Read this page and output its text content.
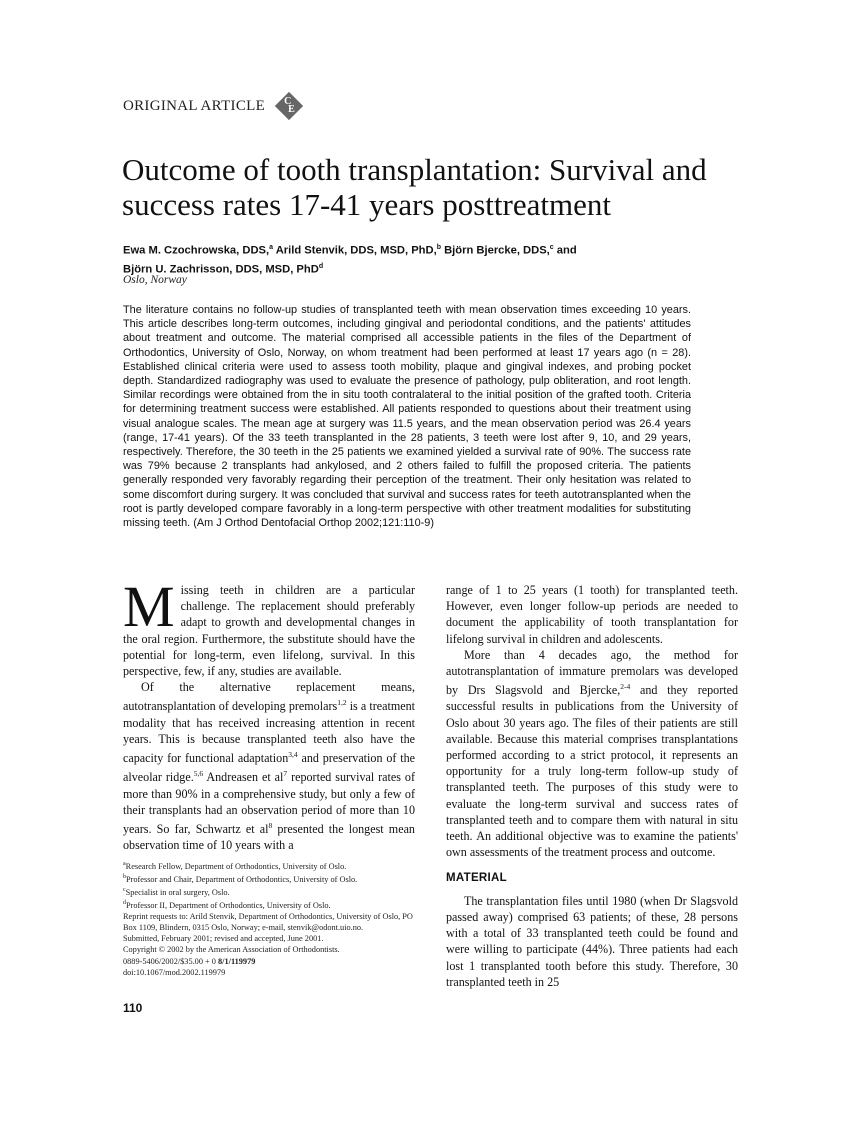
ORIGINAL ARTICLE C
E
Outcome of tooth transplantation: Survival and success rates 17-41 years posttreatment
Ewa M. Czochrowska, DDS,$^a$ Arild Stenvik, DDS, MSD, PhD,$^b$ Björn Bjercke, DDS,$^c$ and
Björn U. Zachrisson, DDS, MSD, PhD$^d$
Oslo, Norway

The literature contains no follow-up studies of transplanted teeth with mean observation times exceeding 10 years. This article describes long-term outcomes, including gingival and periodontal conditions, and the patients' attitudes about treatment and outcome. The material comprised all accessible patients in the files of the Department of Orthodontics, University of Oslo, Norway, on whom treatment had been performed at least 17 years ago (n = 28). Established clinical criteria were used to assess tooth mobility, plaque and gingival indexes, and probing pocket depth. Standardized radiography was used to evaluate the presence of pathology, pulp obliteration, and root length. Similar recordings were obtained from the in situ tooth contralateral to the initial position of the grafted tooth. Criteria for determining treatment success were established. All patients responded to questions about their treatment using visual analogue scales. The mean age at surgery was 11.5 years, and the mean observation period was 26.4 years (range, 17-41 years). Of the 33 teeth transplanted in the 28 patients, 3 teeth were lost after 9, 10, and 29 years, respectively. Therefore, the 30 teeth in the 25 patients we examined yielded a survival rate of 90%. The success rate was 79% because 2 transplants had ankylosed, and 2 others failed to fulfill the proposed criteria. The patients generally responded very favorably regarding their perception of the treatment. Their only hesitation was related to some discomfort during surgery. It was concluded that survival and success rates for teeth autotransplanted when the root is partly developed compare favorably in a long-term perspective with other treatment modalities for substituting missing teeth. (Am J Orthod Dentofacial Orthop 2002;121:110-9)

Missing teeth in children are a particular challenge. The replacement should preferably adapt to growth and developmental changes in the oral region. Furthermore, the substitute should have the potential for long-term, even lifelong, survival. In this perspective, few, if any, studies are available.

Of the alternative replacement means, autotransplantation of developing premolars$^{1,2}$ is a treatment modality that has received increasing attention in recent years. This is because transplanted teeth also have the capacity for functional adaptation$^{3,4}$ and preservation of the alveolar ridge.$^{5,6}$ Andreasen et $al^7$ reported survival rates of more than 90% in a comprehensive study, but only a few of their transplants had an observation period of more than 10 years. So far, Schwartz et $al^8$ presented the longest mean observation time of 10 years with a

range of 1 to 25 years (1 tooth) for transplanted teeth. However, even longer follow-up periods are needed to document the applicability of tooth transplantation for lifelong survival in children and adolescents.

More than 4 decades ago, the method for autotransplantation of immature premolars was developed by Drs Slagsvold and Bjercke,$^{2-4}$ and they reported successful results in publications from the University of Oslo about 30 years ago. The files of their patients are still available. Because this material comprises transplantations performed according to a strict protocol, it represents an opportunity for a truly long-term follow-up study of transplanted teeth. The purposes of this study were to evaluate the long-term survival and success rates of transplanted teeth and to compare them with natural in situ teeth. An additional objective was to examine the patients' own assessments of the treatment process and outcome.

MATERIAL

The transplantation files until 1980 (when Dr Slagsvold passed away) comprised 63 patients; of these, 28 persons with a total of 33 transplanted teeth could be found and were willing to participate (44%). Three patients had each lost 1 transplanted tooth before this study. Therefore, 30 transplanted teeth in 25

$^a$Research Fellow, Department of Orthodontics, University of Oslo.
$^b$Professor and Chair, Department of Orthodontics, University of Oslo.
$^c$Specialist in oral surgery, Oslo.
$^d$Professor II, Department of Orthodontics, University of Oslo.
Reprint requests to: Arild Stenvik, Department of Orthodontics, University of Oslo, PO Box 1109, Blindern, 0315 Oslo, Norway; e-mail, stenvik@odont.uio.no.
Submitted, February 2001; revised and accepted, June 2001.
Copyright © 2002 by the American Association of Orthodontists.
0889-5406/2002/$35.00 + 0 8/1/119979
doi:10.1067/mod.2002.119979
110
